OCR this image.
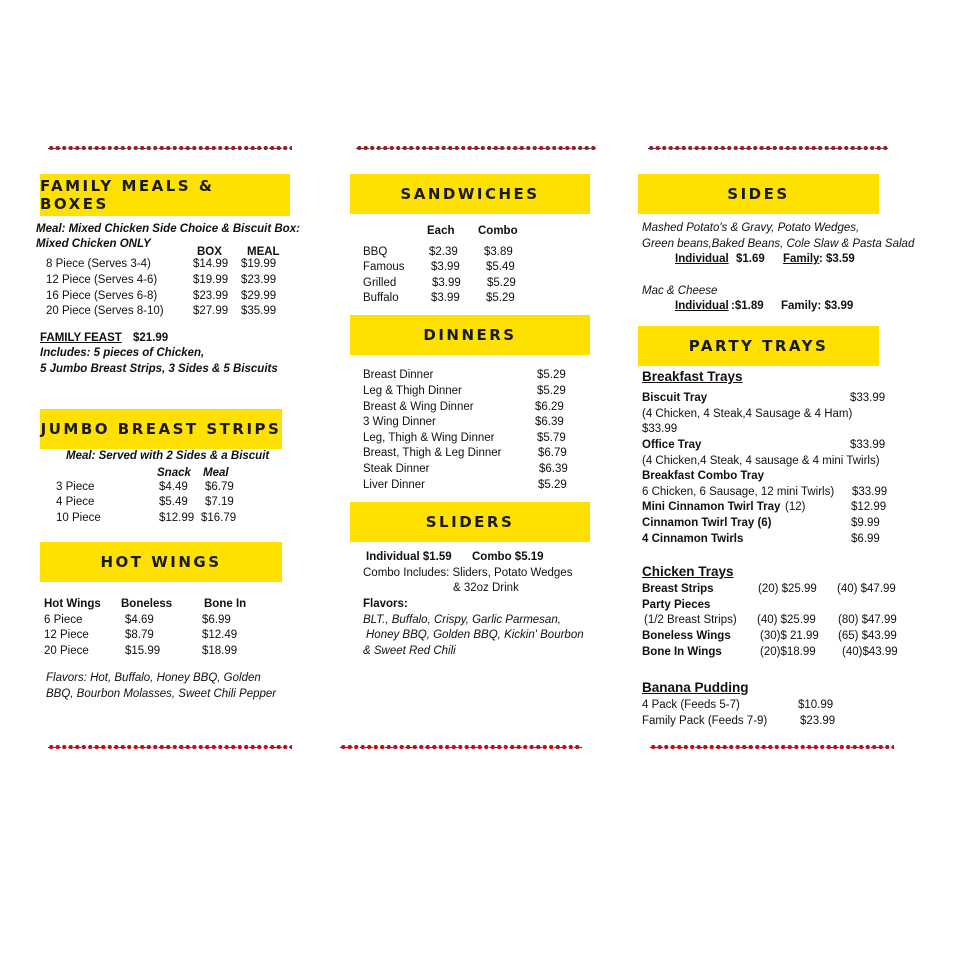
FAMILY MEALS & BOXES
Meal: Mixed Chicken Side Choice & Biscuit Box:
Mixed Chicken ONLY
BOX MEAL
8 Piece (Serves 3-4)	$14.99 $19.99
12 Piece (Serves 4-6)	$19.99 $23.99
16 Piece (Serves 6-8)	$23.99 $29.99
20 Piece (Serves 8-10)	$27.99 $35.99
FAMILY FEAST $21.99
Includes: 5 pieces of Chicken,
5 Jumbo Breast Strips, 3 Sides & 5 Biscuits
JUMBO BREAST STRIPS
Meal: Served with 2 Sides & a Biscuit
Snack Meal
3 Piece	$4.49 $6.79
4 Piece	$5.49 $7.19
10 Piece	$12.99 $16.79
HOT WINGS
Hot Wings Boneless	Bone In
6 Piece	$4.69	$6.99
12 Piece	$8.79	$12.49
20 Piece	$15.99	$18.99
Flavors: Hot, Buffalo, Honey BBQ, Golden
BBQ, Bourbon Molasses, Sweet Chili Pepper
SANDWICHES
Each Combo
BBQ	$2.39 $3.89
Famous $3.99 $5.49
Grilled	$3.99 $5.29
Buffalo	$3.99 $5.29
DINNERS
Breast Dinner	$5.29
Leg & Thigh Dinner	$5.29
Breast & Wing Dinner	$6.29
3 Wing Dinner	$6.39
Leg, Thigh & Wing Dinner	$5.79
Breast, Thigh & Leg Dinner	$6.79
Steak Dinner	$6.39
Liver Dinner	$5.29
SLIDERS
Individual $1.59 Combo $5.19
Combo Includes: Sliders, Potato Wedges
& 32oz Drink
Flavors:
BLT., Buffalo, Crispy, Garlic Parmesan,
Honey BBQ, Golden BBQ, Kickin' Bourbon
& Sweet Red Chili
SIDES
Mashed Potato's & Gravy, Potato Wedges,
Green beans,Baked Beans, Cole Slaw & Pasta Salad
Individual $1.69 Family : $3.59
Mac & Cheese
Individual :$1.89 Family: $3.99
PARTY TRAYS
Breakfast Trays
Biscuit Tray	$33.99
(4 Chicken, 4 Steak,4 Sausage & 4 Ham)
$33.99
Office Tray	$33.99
(4 Chicken,4 Steak, 4 sausage & 4 mini Twirls)
Breakfast Combo Tray
6 Chicken, 6 Sausage, 12 mini Twirls) $33.99
Mini Cinnamon Twirl Tray (12)	$12.99
Cinnamon Twirl Tray (6)	$9.99
4 Cinnamon Twirls	$6.99
Chicken Trays
Breast Strips	(20) $25.99 (40) $47.99
Party Pieces
(1/2 Breast Strips) (40) $25.99 (80) $47.99
Boneless Wings	(30)$ 21.99 (65) $43.99
Bone In Wings	(20)$18.99 (40)$43.99
Banana Pudding
4 Pack (Feeds 5-7)	$10.99
Family Pack (Feeds 7-9)	$23.99
